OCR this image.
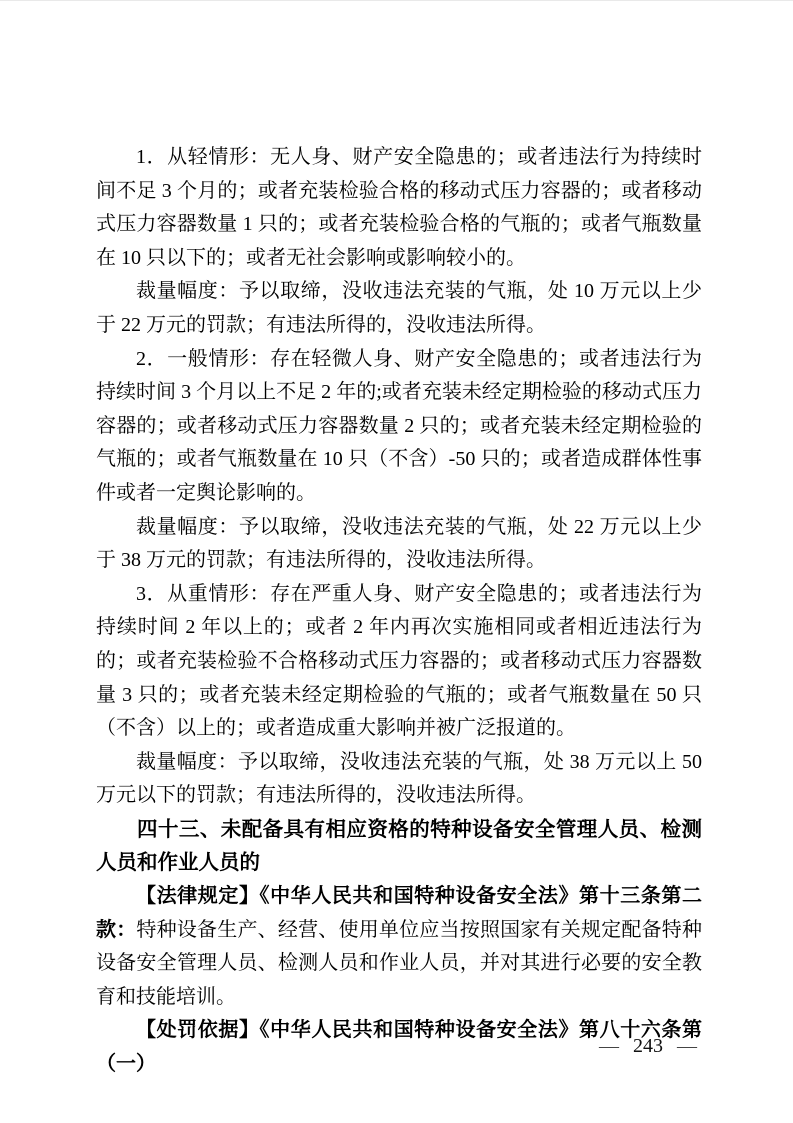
1．从轻情形：无人身、财产安全隐患的；或者违法行为持续时间不足 3 个月的；或者充装检验合格的移动式压力容器的；或者移动式压力容器数量 1 只的；或者充装检验合格的气瓶的；或者气瓶数量在 10 只以下的；或者无社会影响或影响较小的。

裁量幅度：予以取缔，没收违法充装的气瓶，处 10 万元以上少于 22 万元的罚款；有违法所得的，没收违法所得。

2．一般情形：存在轻微人身、财产安全隐患的；或者违法行为持续时间 3 个月以上不足 2 年的;或者充装未经定期检验的移动式压力容器的；或者移动式压力容器数量 2 只的；或者充装未经定期检验的气瓶的；或者气瓶数量在 10 只（不含）-50 只的；或者造成群体性事件或者一定舆论影响的。

裁量幅度：予以取缔，没收违法充装的气瓶，处 22 万元以上少于 38 万元的罚款；有违法所得的，没收违法所得。

3．从重情形：存在严重人身、财产安全隐患的；或者违法行为持续时间 2 年以上的；或者 2 年内再次实施相同或者相近违法行为的；或者充装检验不合格移动式压力容器的；或者移动式压力容器数量 3 只的；或者充装未经定期检验的气瓶的；或者气瓶数量在 50 只（不含）以上的；或者造成重大影响并被广泛报道的。

裁量幅度：予以取缔，没收违法充装的气瓶，处 38 万元以上 50 万元以下的罚款；有违法所得的，没收违法所得。

四十三、未配备具有相应资格的特种设备安全管理人员、检测人员和作业人员的

【法律规定】《中华人民共和国特种设备安全法》第十三条第二款：特种设备生产、经营、使用单位应当按照国家有关规定配备特种设备安全管理人员、检测人员和作业人员，并对其进行必要的安全教育和技能培训。

【处罚依据】《中华人民共和国特种设备安全法》第八十六条第（一）

— 243 —
